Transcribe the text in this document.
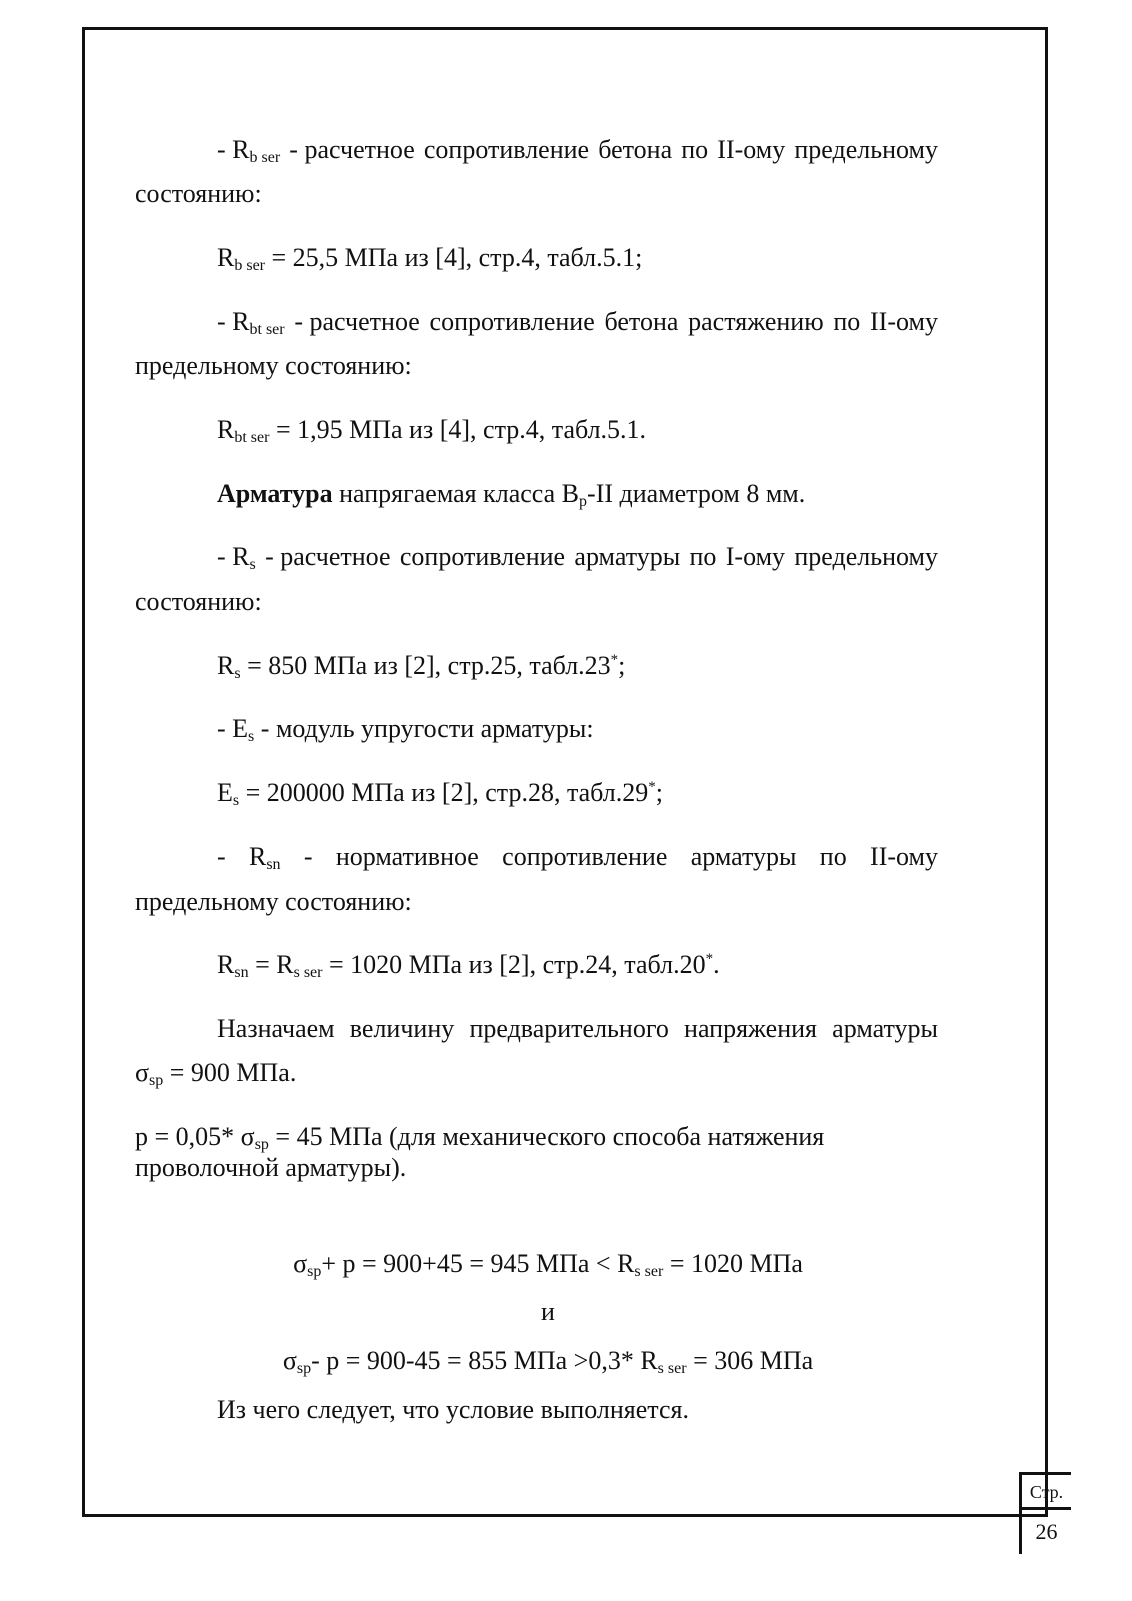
- $R_{b ser}$ - расчетное сопротивление бетона по II-ому предельному
состоянию:
$R_{b ser} = 25,5$ МПа из [4], стр.4, табл.5.1;
- $R_{bt ser}$ - расчетное сопротивление бетона растяжению по II-ому
предельному состоянию:
$R_{bt ser} = 1,95$ МПа из [4], стр.4, табл.5.1.
Арматура напрягаемая класса $В_р-II$ диаметром 8 мм.
- $R_s$ - расчетное сопротивление арматуры по I-ому предельному
состоянию:
$R_s = 850$ МПа из [2], стр.25, табл.23*;
- $E_s$ - модуль упругости арматуры:
$E_s = 200000$ МПа из [2], стр.28, табл.29*;
- $R_{sn}$ - нормативное сопротивление арматуры по II-ому
предельному состоянию:
$R_{sn} = R_{s ser} = 1020$ МПа из [2], стр.24, табл.20*.
Назначаем величину предварительного напряжения арматуры
$\sigma_{sp} = 900$ МПа.
p = 0,05* $\sigma_{sp} = 45$ МПа (для механического способа натяжения
проволочной арматуры).
$\sigma_{sp}+ p = 900+45 = 945$ МПа < $R_{s ser} = 1020$ МПа
и
$\sigma_{sp}-$ p = 900-45 = 855 МПа >0,3* $R_{s ser} = 306$ МПа
Из чего следует, что условие выполняется.
Стр.
26
